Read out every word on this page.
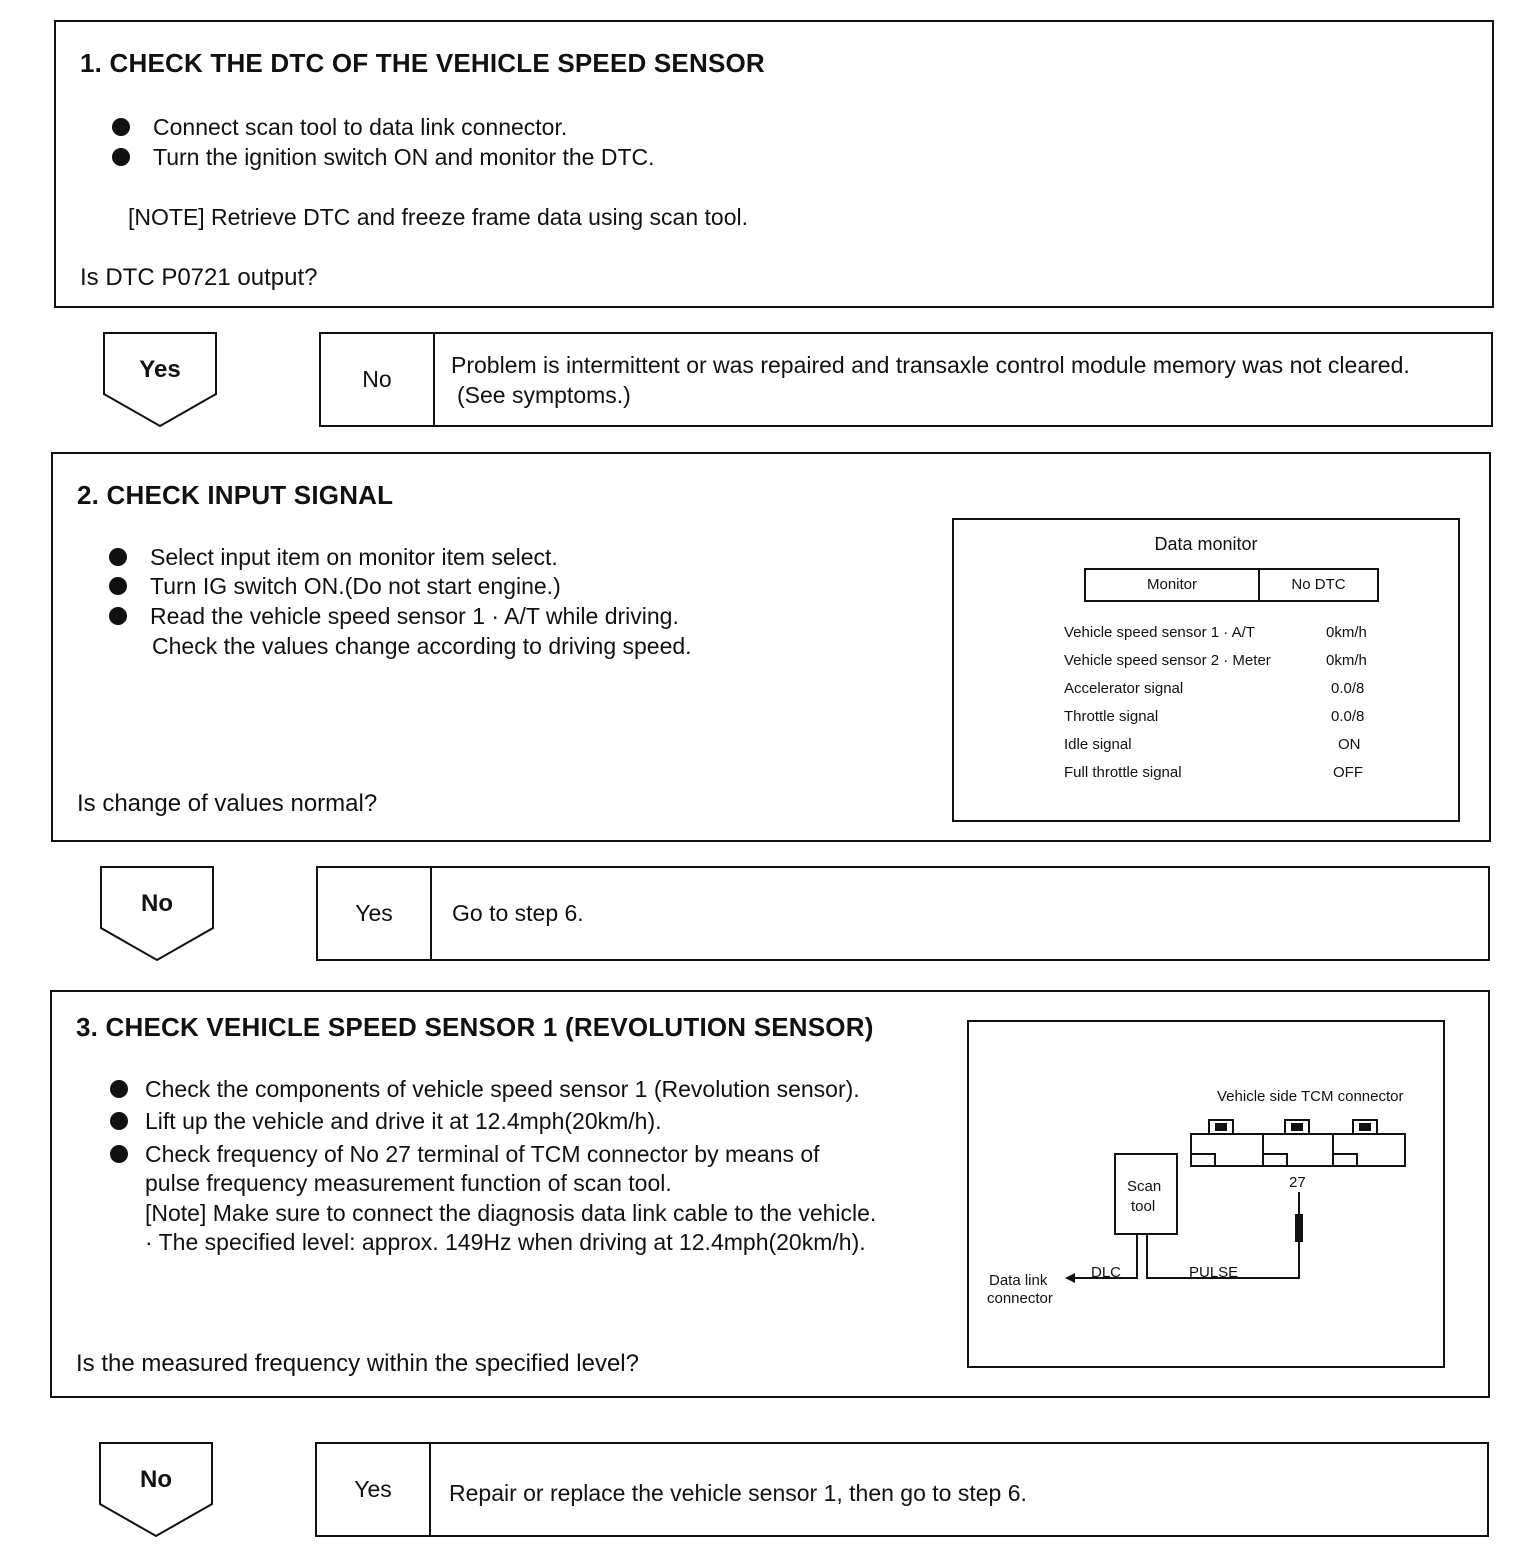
1. CHECK THE DTC OF THE VEHICLE SPEED SENSOR
Connect scan tool to data link connector.
Turn the ignition switch ON and monitor the DTC.
[NOTE] Retrieve DTC and freeze frame data using scan tool.
Is DTC P0721 output?
Yes	No
Problem is intermittent or was repaired and transaxle control module memory was not cleared.
(See symptoms.)
2. CHECK INPUT SIGNAL
Select input item on monitor item select.
Turn IG switch ON.(Do not start engine.)
Read the vehicle speed sensor 1 · A/T while driving.
Check the values change according to driving speed.
Is change of values normal?
Data monitor
Monitor	No DTC
Vehicle speed sensor 1 · A/T	0km/h
Vehicle speed sensor 2 · Meter	0km/h
Accelerator signal	0.0/8
Throttle signal	0.0/8
Idle signal	ON
Full throttle signal	OFF
No	Yes	Go to step 6.
3. CHECK VEHICLE SPEED SENSOR 1 (REVOLUTION SENSOR)
Check the components of vehicle speed sensor 1 (Revolution sensor).
Lift up the vehicle and drive it at 12.4mph(20km/h).
Check frequency of No 27 terminal of TCM connector by means of
pulse frequency measurement function of scan tool.
[Note] Make sure to connect the diagnosis data link cable to the vehicle.
· The specified level: approx. 149Hz when driving at 12.4mph(20km/h).
Is the measured frequency within the specified level?
Vehicle side TCM connector
27
Scan
tool
DLC	PULSE
Data link
connector
No	Yes	Repair or replace the vehicle sensor 1, then go to step 6.
